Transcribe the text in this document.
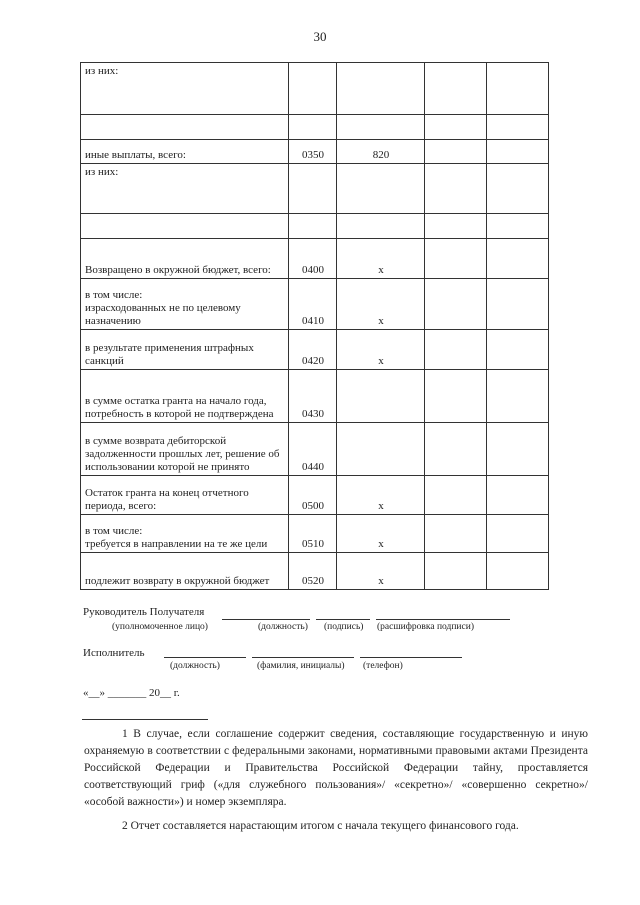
30
из них:				

иные выплаты, всего:	0350	820		
из них:				

Возвращено в окружной бюджет, всего:	0400	x		
в том числе:
израсходованных не по целевому назначению	0410	x		
в результате применения штрафных санкций	0420	x		
в сумме остатка гранта на начало года, потребность в которой не подтверждена	0430			
в сумме возврата дебиторской задолженности прошлых лет, решение об использовании которой не принято	0440			
Остаток гранта на конец отчетного периода, всего:	0500	x		
в том числе:
требуется в направлении на те же цели	0510	x		
подлежит возврату в окружной бюджет	0520	x		
Руководитель Получателя
(уполномоченное лицо)	(должность) (подпись) (расшифровка подписи)
Исполнитель
(должность)	(фамилия, инициалы) (телефон)
«__» _______ 20__ г.
1 В случае, если соглашение содержит сведения, составляющие государственную и иную охраняемую в соответствии с федеральными законами, нормативными правовыми актами Президента Российской Федерации и Правительства Российской Федерации тайну, проставляется соответствующий гриф («для служебного пользования»/ «секретно»/ «совершенно секретно»/ «особой важности») и номер экземпляра.
2 Отчет составляется нарастающим итогом с начала текущего финансового года.
